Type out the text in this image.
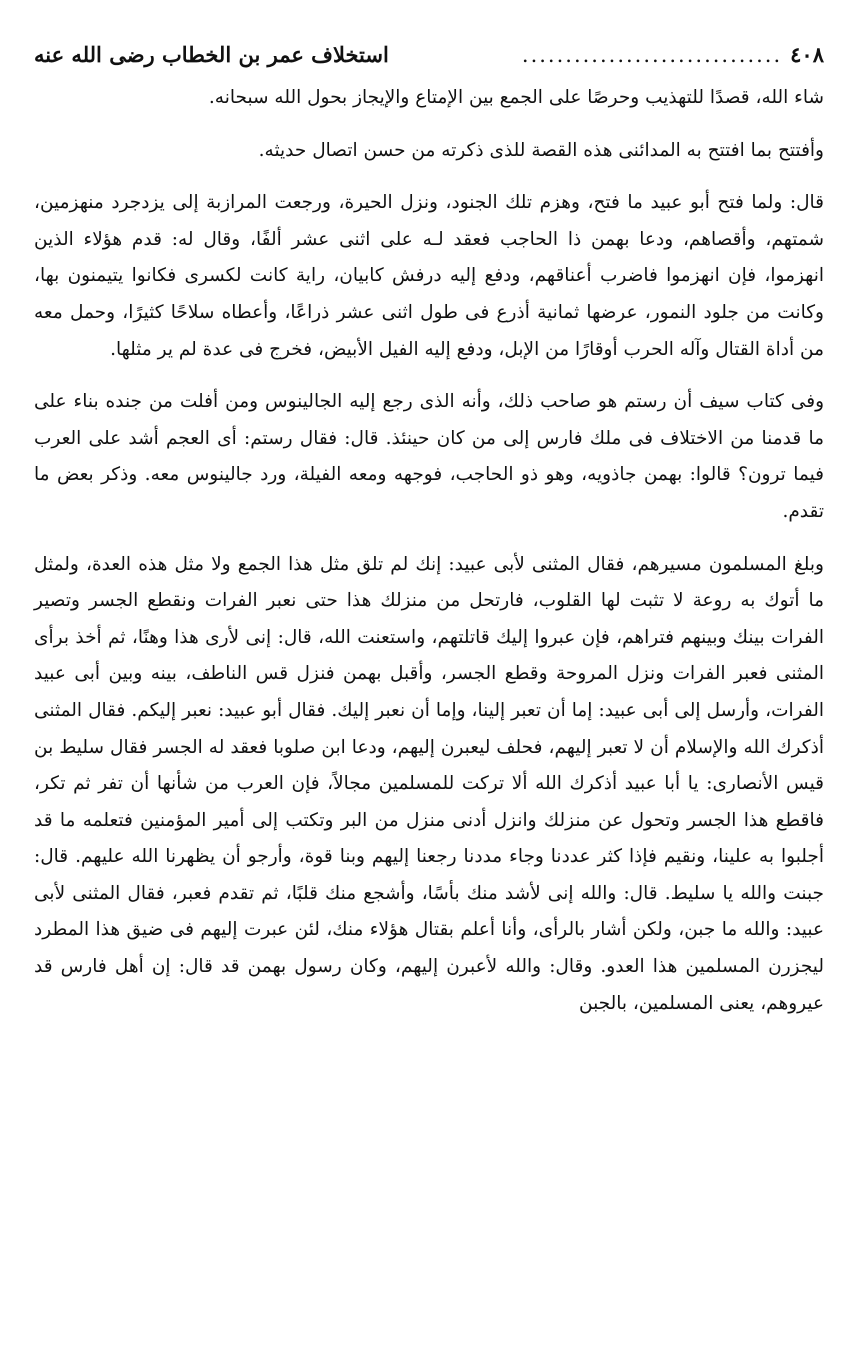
٤٠٨
..............................
استخلاف عمر بن الخطاب رضى الله عنه

شاء الله، قصدًا للتهذيب وحرصًا على الجمع بين الإمتاع والإيجاز بحول الله سبحانه.

وأفتتح بما افتتح به المدائنى هذه القصة للذى ذكرته من حسن اتصال حديثه.

قال: ولما فتح أبو عبيد ما فتح، وهزم تلك الجنود، ونزل الحيرة، ورجعت المرازبة إلى يزدجرد منهزمين، شمتهم، وأقصاهم، ودعا بهمن ذا الحاجب فعقد لـه على اثنى عشر ألفًا، وقال له: قدم هؤلاء الذين انهزموا، فإن انهزموا فاضرب أعناقهم، ودفع إليه درفش كابيان، راية كانت لكسرى فكانوا يتيمنون بها، وكانت من جلود النمور، عرضها ثمانية أذرع فى طول اثنى عشر ذراعًا، وأعطاه سلاحًا كثيرًا، وحمل معه من أداة القتال وآله الحرب أوقارًا من الإبل، ودفع إليه الفيل الأبيض، فخرج فى عدة لم ير مثلها.

وفى كتاب سيف أن رستم هو صاحب ذلك، وأنه الذى رجع إليه الجالينوس ومن أفلت من جنده بناء على ما قدمنا من الاختلاف فى ملك فارس إلى من كان حينئذ. قال: فقال رستم: أى العجم أشد على العرب فيما ترون؟ قالوا: بهمن جاذويه، وهو ذو الحاجب، فوجهه ومعه الفيلة، ورد جالينوس معه. وذكر بعض ما تقدم.

وبلغ المسلمون مسيرهم، فقال المثنى لأبى عبيد: إنك لم تلق مثل هذا الجمع ولا مثل هذه العدة، ولمثل ما أتوك به روعة لا تثبت لها القلوب، فارتحل من منزلك هذا حتى نعبر الفرات ونقطع الجسر وتصير الفرات بينك وبينهم فتراهم، فإن عبروا إليك قاتلتهم، واستعنت الله، قال: إنى لأرى هذا وهنًا، ثم أخذ برأى المثنى فعبر الفرات ونزل المروحة وقطع الجسر، وأقبل بهمن فنزل قس الناطف، بينه وبين أبى عبيد الفرات، وأرسل إلى أبى عبيد: إما أن تعبر إلينا، وإما أن نعبر إليك. فقال أبو عبيد: نعبر إليكم. فقال المثنى أذكرك الله والإسلام أن لا تعبر إليهم، فحلف ليعبرن إليهم، ودعا ابن صلوبا فعقد له الجسر فقال سليط بن قيس الأنصارى: يا أبا عبيد أذكرك الله ألا تركت للمسلمين مجالاً، فإن العرب من شأنها أن تفر ثم تكر، فاقطع هذا الجسر وتحول عن منزلك وانزل أدنى منزل من البر وتكتب إلى أمير المؤمنين فتعلمه ما قد أجلبوا به علينا، ونقيم فإذا كثر عددنا وجاء مددنا رجعنا إليهم وبنا قوة، وأرجو أن يظهرنا الله عليهم. قال: جبنت والله يا سليط. قال: والله إنى لأشد منك بأسًا، وأشجع منك قلبًا، ثم تقدم فعبر، فقال المثنى لأبى عبيد: والله ما جبن، ولكن أشار بالرأى، وأنا أعلم بقتال هؤلاء منك، لئن عبرت إليهم فى ضيق هذا المطرد ليجزرن المسلمين هذا العدو. وقال: والله لأعبرن إليهم، وكان رسول بهمن قد قال: إن أهل فارس قد عيروهم، يعنى المسلمين، بالجبن
